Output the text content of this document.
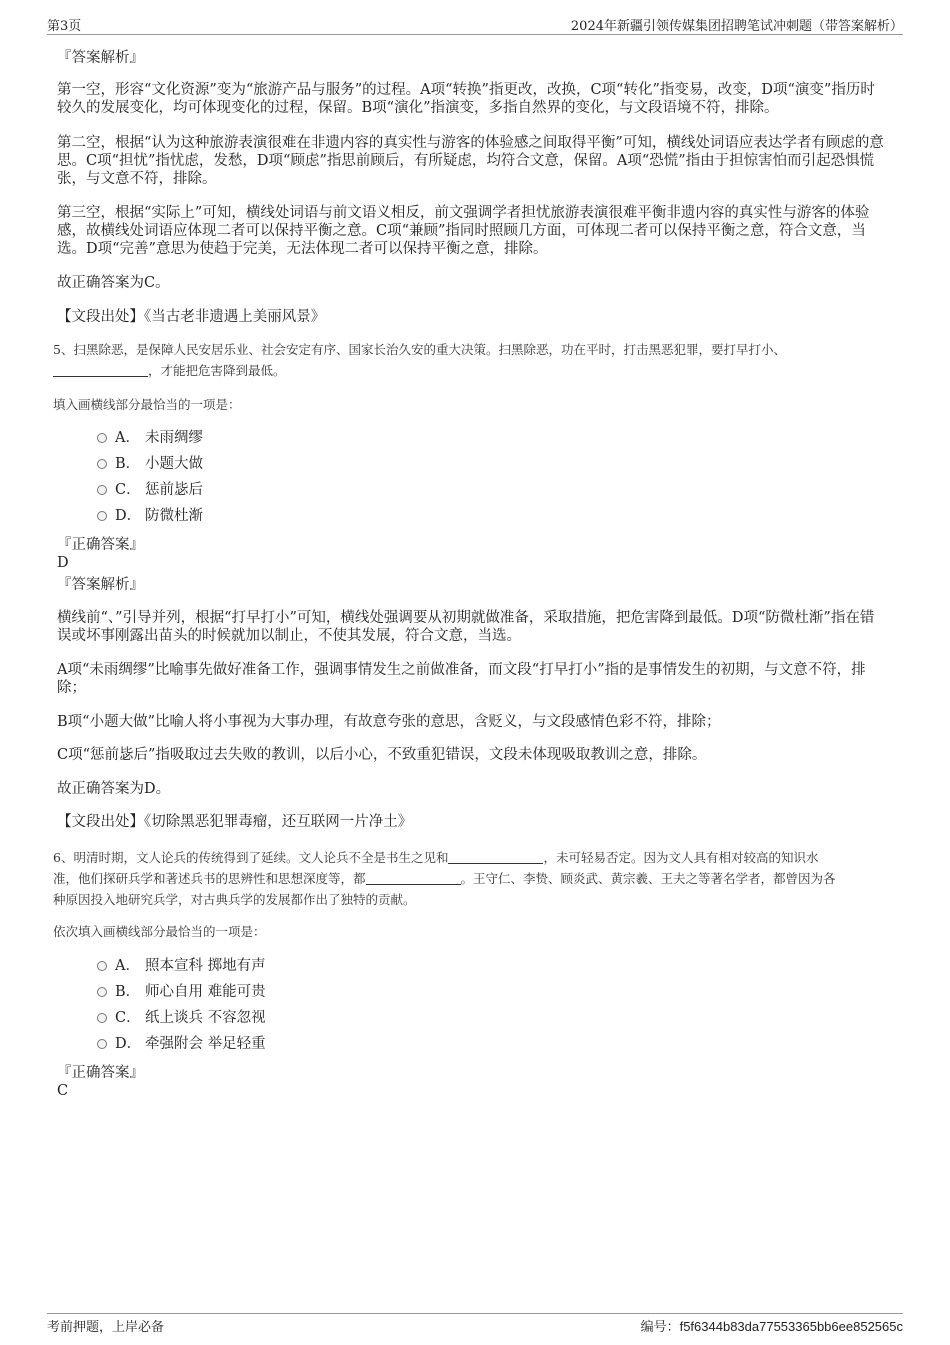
第3页	2024年新疆引领传媒集团招聘笔试冲刺题（带答案解析）
『答案解析』

第一空，形容“文化资源”变为“旅游产品与服务”的过程。A项“转换”指更改，改换，C项“转化”指变易，改变，D项“演变”指历时较久的发展变化，均可体现变化的过程，保留。B项“演化”指演变，多指自然界的变化，与文段语境不符，排除。

第二空，根据“认为这种旅游表演很难在非遗内容的真实性与游客的体验感之间取得平衡”可知，横线处词语应表达学者有顾虑的意思。C项“担忧”指忧虑，发愁，D项“顾虑”指思前顾后，有所疑虑，均符合文意，保留。A项“恐慌”指由于担惊害怕而引起恐惧慌张，与文意不符，排除。

第三空，根据“实际上”可知，横线处词语与前文语义相反，前文强调学者担忧旅游表演很难平衡非遗内容的真实性与游客的体验感，故横线处词语应体现二者可以保持平衡之意。C项“兼顾”指同时照顾几方面，可体现二者可以保持平衡之意，符合文意，当选。D项“完善”意思为使趋于完美，无法体现二者可以保持平衡之意，排除。

故正确答案为C。
【文段出处】《当古老非遗遇上美丽风景》

5、扫黑除恶，是保障人民安居乐业、社会安定有序、国家长治久安的重大决策。扫黑除恶，功在平时，打击黑恶犯罪，要打早打小、
，才能把危害降到最低。

填入画横线部分最恰当的一项是：
A． 未雨绸缪
B． 小题大做
C． 惩前毖后
D． 防微杜渐
『正确答案』
D
『答案解析』

横线前“、”引导并列，根据“打早打小”可知，横线处强调要从初期就做准备，采取措施，把危害降到最低。D项“防微杜渐”指在错误或坏事刚露出苗头的时候就加以制止，不使其发展，符合文意，当选。

A项“未雨绸缪”比喻事先做好准备工作，强调事情发生之前做准备，而文段“打早打小”指的是事情发生的初期，与文意不符，排除；

B项“小题大做”比喻人将小事视为大事办理，有故意夸张的意思，含贬义，与文段感情色彩不符，排除；

C项“惩前毖后”指吸取过去失败的教训，以后小心，不致重犯错误，文段未体现吸取教训之意，排除。

故正确答案为D。
【文段出处】《切除黑恶犯罪毒瘤，还互联网一片净土》

6、明清时期，文人论兵的传统得到了延续。文人论兵不全是书生之见和	，未可轻易否定。因为文人具有相对较高的知识水
准，他们探研兵学和著述兵书的思辨性和思想深度等，都	。王守仁、李贽、顾炎武、黄宗羲、王夫之等著名学者，都曾因为各
种原因投入地研究兵学，对古典兵学的发展都作出了独特的贡献。

依次填入画横线部分最恰当的一项是：
A． 照本宣科 掷地有声
B． 师心自用 难能可贵
C． 纸上谈兵 不容忽视
D． 牵强附会 举足轻重
『正确答案』
C
考前押题，上岸必备	编号：f5f6344b83da77553365bb6ee852565c
